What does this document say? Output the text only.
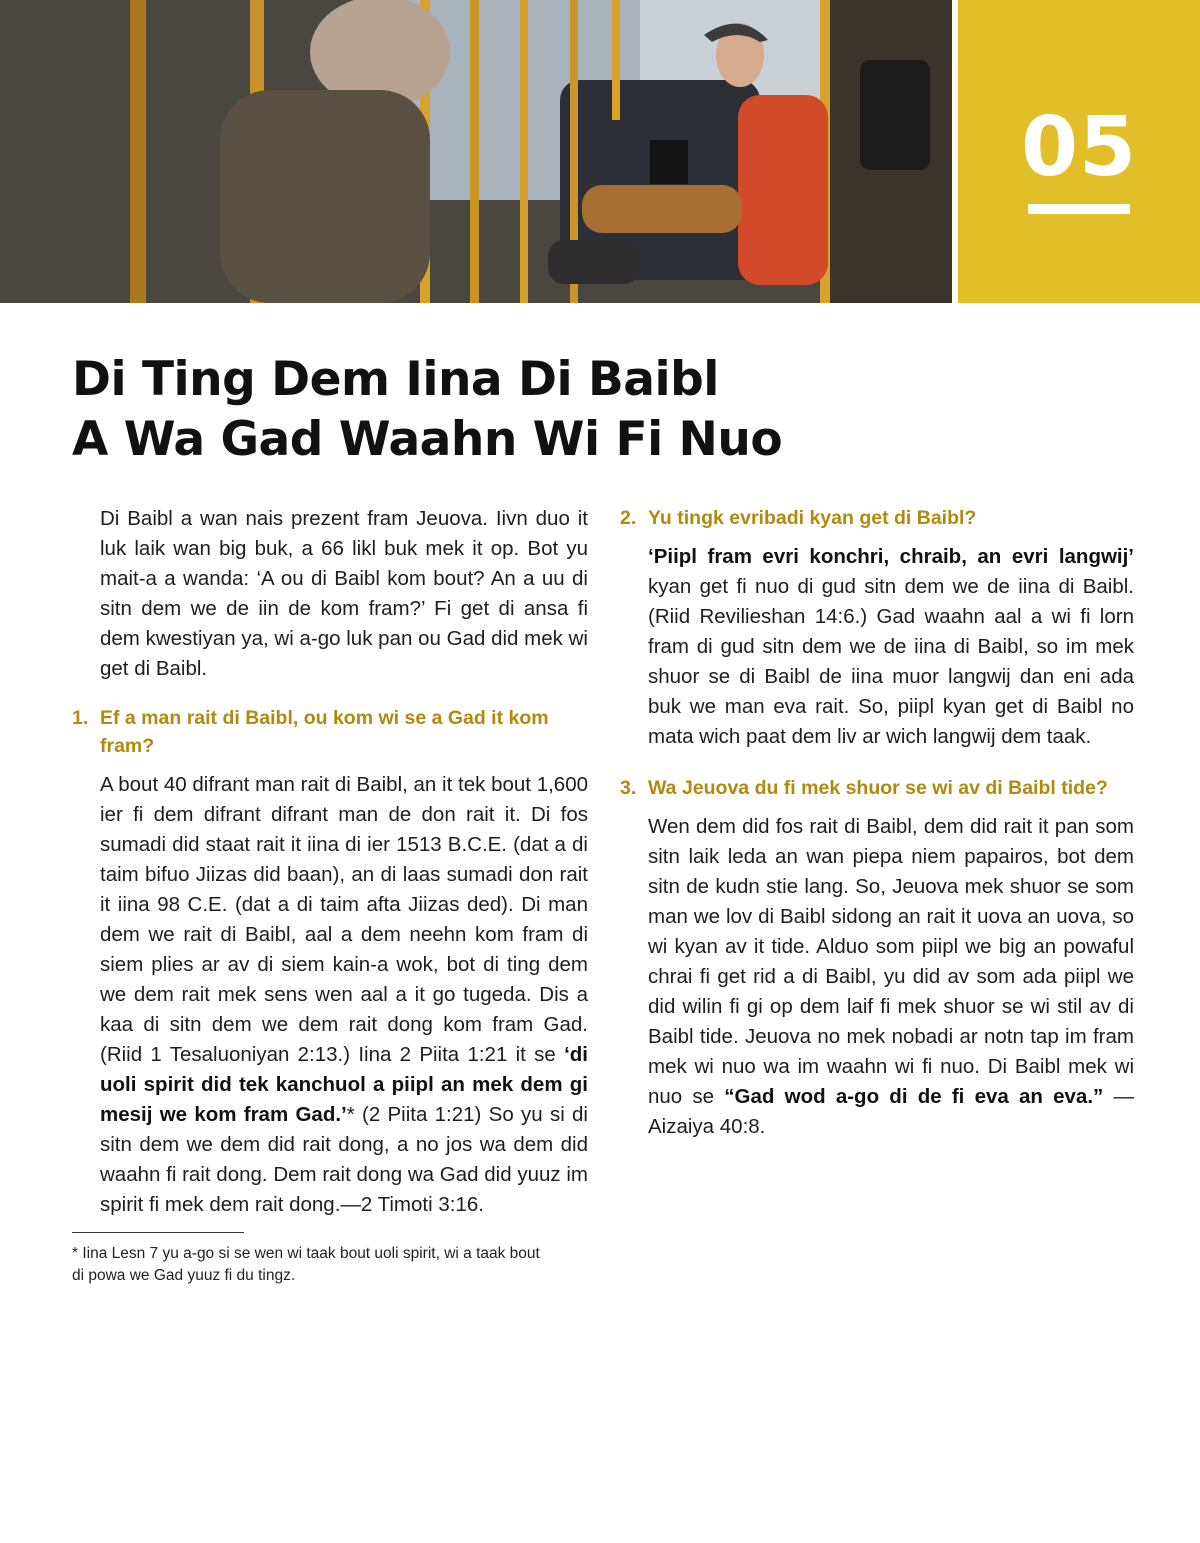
05
Di Ting Dem Iina Di Baibl
A Wa Gad Waahn Wi Fi Nuo

Di Baibl a wan nais prezent fram Jeuova. Iivn duo it luk laik wan big buk, a 66 likl buk mek it op. Bot yu mait-a a wanda: ‘A ou di Baibl kom bout? An a uu di sitn dem we de iin de kom fram?’ Fi get di ansa fi dem kwestiyan ya, wi a-go luk pan ou Gad did mek wi get di Baibl.

1. Ef a man rait di Baibl, ou kom wi se a Gad it kom fram?

A bout 40 difrant man rait di Baibl, an it tek bout 1,600 ier fi dem difrant difrant man de don rait it. Di fos sumadi did staat rait it iina di ier 1513 B.C.E. (dat a di taim bifuo Jiizas did baan), an di laas sumadi don rait it iina 98 C.E. (dat a di taim afta Jiizas ded). Di man dem we rait di Baibl, aal a dem neehn kom fram di siem plies ar av di siem kain-a wok, bot di ting dem we dem rait mek sens wen aal a it go tugeda. Dis a kaa di sitn dem we dem rait dong kom fram Gad. (Riid 1 Tesaluoniyan 2:13.) Iina 2 Piita 1:21 it se ‘di uoli spirit did tek kanchuol a piipl an mek dem gi mesij we kom fram Gad.’* (2 Piita 1:21) So yu si di sitn dem we dem did rait dong, a no jos wa dem did waahn fi rait dong. Dem rait dong wa Gad did yuuz im spirit fi mek dem rait dong.—2 Timoti 3:16.

* Iina Lesn 7 yu a-go si se wen wi taak bout uoli spirit, wi a taak bout di powa we Gad yuuz fi du tingz.

2. Yu tingk evribadi kyan get di Baibl?

‘Piipl fram evri konchri, chraib, an evri langwij’ kyan get fi nuo di gud sitn dem we de iina di Baibl. (Riid Revilieshan 14:6.) Gad waahn aal a wi fi lorn fram di gud sitn dem we de iina di Baibl, so im mek shuor se di Baibl de iina muor langwij dan eni ada buk we man eva rait. So, piipl kyan get di Baibl no mata wich paat dem liv ar wich langwij dem taak.

3. Wa Jeuova du fi mek shuor se wi av di Baibl tide?

Wen dem did fos rait di Baibl, dem did rait it pan som sitn laik leda an wan piepa niem papairos, bot dem sitn de kudn stie lang. So, Jeuova mek shuor se som man we lov di Baibl sidong an rait it uova an uova, so wi kyan av it tide. Alduo som piipl we big an powaful chrai fi get rid a di Baibl, yu did av som ada piipl we did wilin fi gi op dem laif fi mek shuor se wi stil av di Baibl tide. Jeuova no mek nobadi ar notn tap im fram mek wi nuo wa im waahn wi fi nuo. Di Baibl mek wi nuo se “Gad wod a-go di de fi eva an eva.” —Aizaiya 40:8.
